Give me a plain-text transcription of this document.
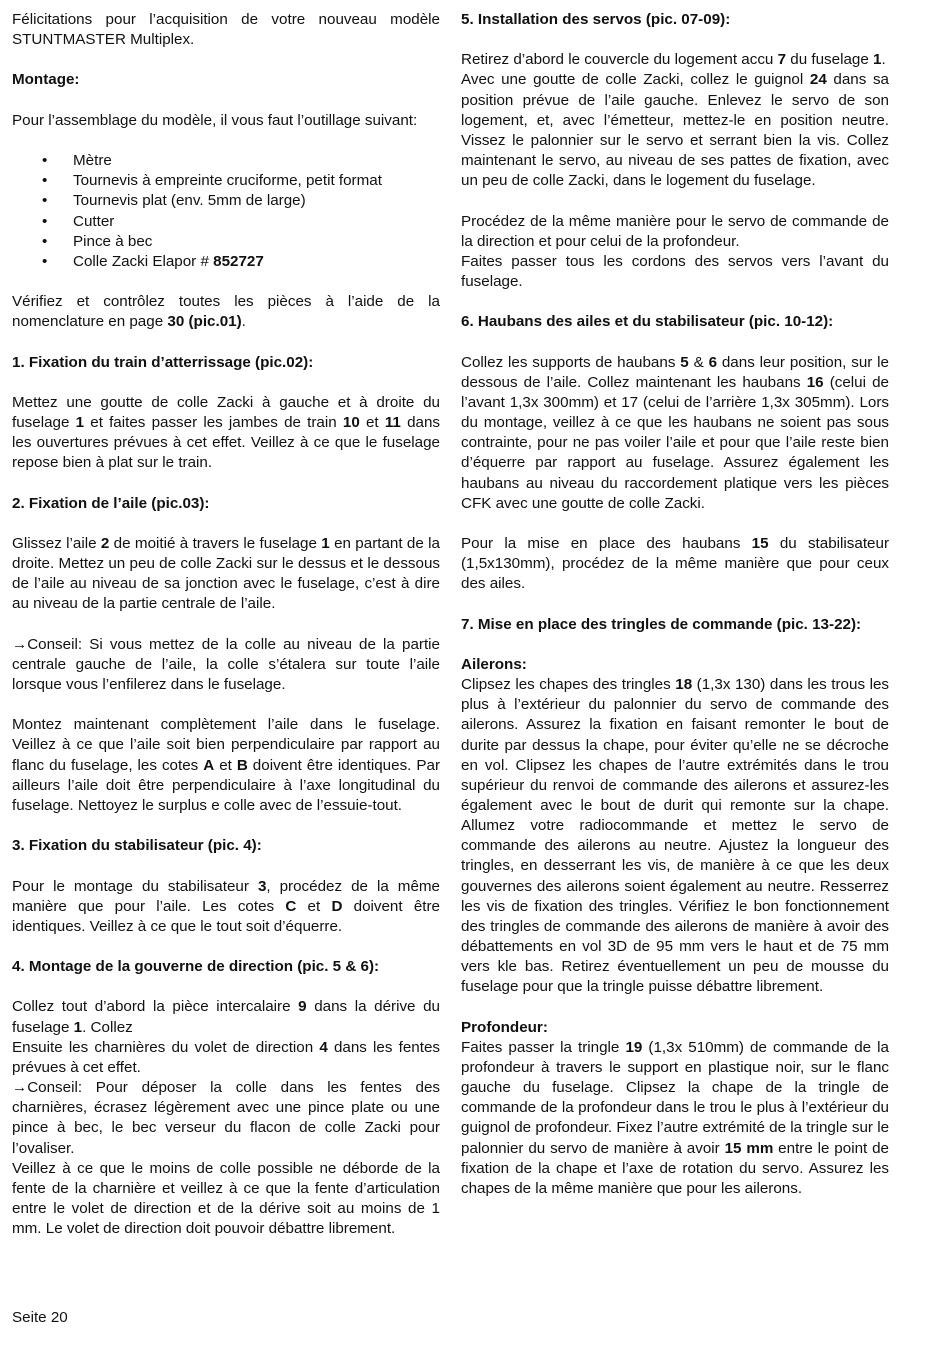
Félicitations pour l’acquisition de votre nouveau modèle STUNTMASTER Multiplex.

Montage:

Pour l’assemblage du modèle, il vous faut l’outillage suivant:

• Mètre
• Tournevis à empreinte cruciforme, petit format
• Tournevis plat (env. 5mm de large)
• Cutter
• Pince à bec
• Colle Zacki Elapor # 852727

Vérifiez et contrôlez toutes les pièces à l’aide de la nomenclature en page 30 (pic.01).

1. Fixation du train d’atterrissage (pic.02):

Mettez une goutte de colle Zacki à gauche et à droite du fuselage 1 et faites passer les jambes de train 10 et 11 dans les ouvertures prévues à cet effet. Veillez à ce que le fuselage repose bien à plat sur le train.

2. Fixation de l’aile (pic.03):

Glissez l’aile 2 de moitié à travers le fuselage 1 en partant de la droite. Mettez un peu de colle Zacki sur le dessus et le dessous de l’aile au niveau de sa jonction avec le fuselage, c’est à dire au niveau de la partie centrale de l’aile.

→Conseil: Si vous mettez de la colle au niveau de la partie centrale gauche de l’aile, la colle s’étalera sur toute l’aile lorsque vous l’enfilerez dans le fuselage.

Montez maintenant complètement l’aile dans le fuselage. Veillez à ce que l’aile soit bien perpendiculaire par rapport au flanc du fuselage, les cotes A et B doivent être identiques. Par ailleurs l’aile doit être perpendiculaire à l’axe longitudinal du fuselage. Nettoyez le surplus e colle avec de l’essuie-tout.

3. Fixation du stabilisateur (pic. 4):

Pour le montage du stabilisateur 3, procédez de la même manière que pour l’aile. Les cotes C et D doivent être identiques. Veillez à ce que le tout soit d’équerre.

4. Montage de la gouverne de direction (pic. 5 & 6):

Collez tout d’abord la pièce intercalaire 9 dans la dérive du fuselage 1. Collez

Ensuite les charnières du volet de direction 4 dans les fentes prévues à cet effet.

→Conseil: Pour déposer la colle dans les fentes des charnières, écrasez légèrement avec une pince plate ou une pince à bec, le bec verseur du flacon de colle Zacki pour l’ovaliser.

Veillez à ce que le moins de colle possible ne déborde de la fente de la charnière et veillez à ce que la fente d’articulation entre le volet de direction et de la dérive soit au moins de 1 mm. Le volet de direction doit pouvoir débattre librement.

5. Installation des servos (pic. 07-09):

Retirez d’abord le couvercle du logement accu 7 du fuselage 1.

Avec une goutte de colle Zacki, collez le guignol 24 dans sa position prévue de l’aile gauche. Enlevez le servo de son logement, et, avec l’émetteur, mettez-le en position neutre. Vissez le palonnier sur le servo et serrant bien la vis. Collez maintenant le servo, au niveau de ses pattes de fixation, avec un peu de colle Zacki, dans le logement du fuselage.

Procédez de la même manière pour le servo de commande de la direction et pour celui de la profondeur.

Faites passer tous les cordons des servos vers l’avant du fuselage.

6. Haubans des ailes et du stabilisateur (pic. 10-12):

Collez les supports de haubans 5 & 6 dans leur position, sur le dessous de l’aile. Collez maintenant les haubans 16 (celui de l’avant 1,3x 300mm) et 17 (celui de l’arrière 1,3x 305mm). Lors du montage, veillez à ce que les haubans ne soient pas sous contrainte, pour ne pas voiler l’aile et pour que l’aile reste bien d’équerre par rapport au fuselage. Assurez également les haubans au niveau du raccordement platique vers les pièces CFK avec une goutte de colle Zacki.

Pour la mise en place des haubans 15 du stabilisateur (1,5x130mm), procédez de la même manière que pour ceux des ailes.

7. Mise en place des tringles de commande (pic. 13-22):
Ailerons:

Clipsez les chapes des tringles 18 (1,3x 130) dans les trous les plus à l’extérieur du palonnier du servo de commande des ailerons. Assurez la fixation en faisant remonter le bout de durite par dessus la chape, pour éviter qu’elle ne se décroche en vol. Clipsez les chapes de l’autre extrémités dans le trou supérieur du renvoi de commande des ailerons et assurez-les également avec le bout de durit qui remonte sur la chape. Allumez votre radiocommande et mettez le servo de commande des ailerons au neutre. Ajustez la longueur des tringles, en desserrant les vis, de manière à ce que les deux gouvernes des ailerons soient également au neutre. Resserrez les vis de fixation des tringles. Vérifiez le bon fonctionnement des tringles de commande des ailerons de manière à avoir des débattements en vol 3D de 95 mm vers le haut et de 75 mm vers kle bas. Retirez éventuellement un peu de mousse du fuselage pour que la tringle puisse débattre librement.

Profondeur:

Faites passer la tringle 19 (1,3x 510mm) de commande de la profondeur à travers le support en plastique noir, sur le flanc gauche du fuselage. Clipsez la chape de la tringle de commande de la profondeur dans le trou le plus à l’extérieur du guignol de profondeur. Fixez l’autre extrémité de la tringle sur le palonnier du servo de manière à avoir 15 mm entre le point de fixation de la chape et l’axe de rotation du servo. Assurez les chapes de la même manière que pour les ailerons.

Seite 20
